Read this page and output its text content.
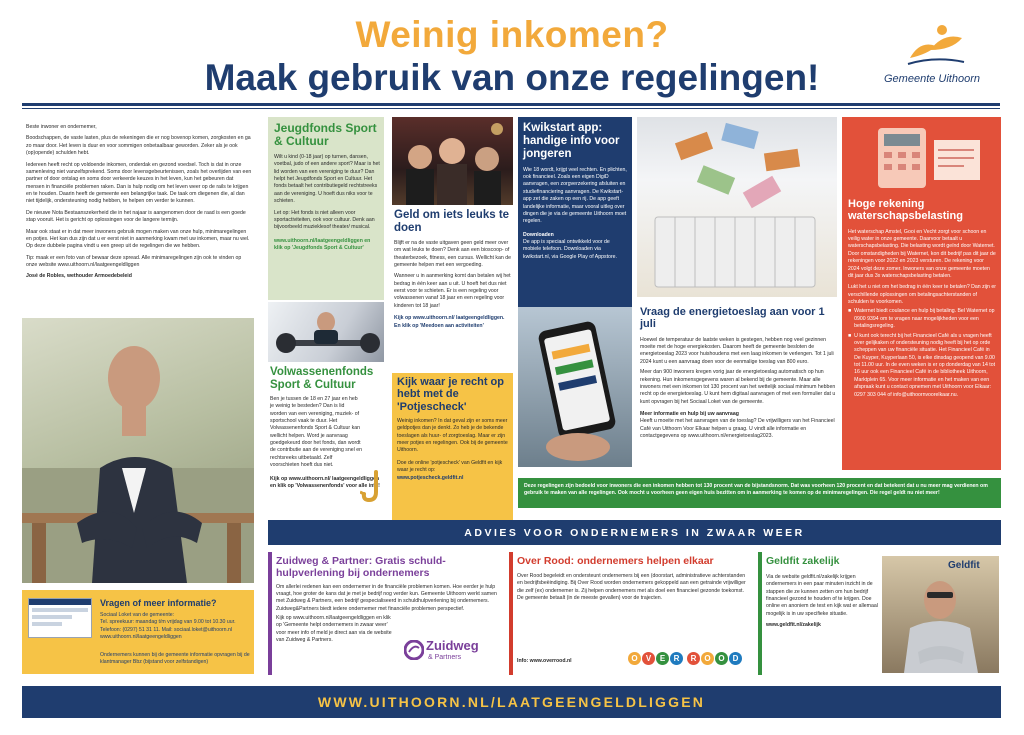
Weinig inkomen?
Maak gebruik van onze regelingen!	Gemeente Uithoorn

Beste inwoner en ondernemer,

Boodschappen, de vaste lasten, plus de rekeningen die er nog bovenop komen, zorgkosten en ga zo maar door. Het leven is duur en voor sommigen onbetaalbaar geworden. Zeker als je ook (op)opende) schulden hebt.

Iedereen heeft recht op voldoende inkomen, onderdak en gezond voedsel. Toch is dat in onze samenleving niet vanzelfsprekend. Soms door levensgebeurtenissen, zoals het overlijden van een partner of door ontslag en soms door verkeerde keuzes in het leven, kun het gebeuren dat mensen in financiële problemen raken. Dan is hulp nodig om het leven weer op de rails te krijgen en te houden. Daarin heeft de gemeente een belangrijke taak. De taak om diegenen die, al dan niet tijdelijk, ondersteuning nodig hebben, te helpen om verder te kunnen.

De nieuwe Nota Bestaanszekerheid die in het najaar is aangenomen door de raad is een goede stap vooruit. Het is gericht op oplossingen voor de langere termijn.

Maar ook staat er in dat meer inwoners gebruik mogen maken van onze hulp, minimaregelingen en potjes. Het kan dus zijn dat u er eerst niet in aanmerking kwam met uw inkomen, maar nu wel. Op deze dubbele pagina vindt u een greep uit de regelingen die we hebben.

Tip: maak er een foto van of bewaar deze spread. Alle minimaregelingen zijn ook te vinden op onze website www.uithoorn.nl/laatgeengeldliggen

José de Robles, wethouder Armoedebeleid

Vragen of meer informatie?
Sociaal Loket van de gemeente:
Tel. spreekuur: maandag t/m vrijdag van 9.00 tot 10.30 uur.
Telefoon: (0297) 51 31 11. Mail: sociaal.loket@uithoorn.nl
www.uithoorn.nl/laatgeengeldliggen
Ondernemers kunnen bij de gemeente informatie opvragen bij de klantmanager Bbz (bijstand voor zelfstandigen)
Jeugdfonds Sport & Cultuur
Wilt u kind (0-18 jaar) op turnen, dansen, voetbal, judo of een andere sport? Maar is het lid worden van een vereniging te duur? Dan helpt het Jeugdfonds Sport en Cultuur. Het fonds betaalt het contributiegeld rechtstreeks aan de vereniging. U hoeft dus niks voor te schieten.
Let op: Het fonds is niet alleen voor sportactiviteiten, ook voor cultuur. Denk aan bijvoorbeeld muzieklesof theater/ musical.
www.uithoorn.nl/laatgeengeldliggen en klik op 'Jeugdfonds Sport & Cultuur'
Volwassenenfonds Sport & Cultuur
Ben je tussen de 18 en 27 jaar en heb je weinig te besteden? Dan is lid worden van een vereniging, muziek- of sportschool vaak te duur. Het Volwassenenfonds Sport & Cultuur kan wellicht helpen. Word je aanvraag goedgekeurd door het fonds, dan wordt de contributie aan de vereniging snel en rechtsreeks uitbetaald. Zelf voorschieten hoeft dus niet.
Kijk op www.uithoorn.nl/ laatgeengeldliggen en klik op 'Volwassenenfonds' voor alle info!
Geld om iets leuks te doen
Blijft er na de vaste uitgaven geen geld meer over om wat leuks te doen? Denk aan een bioscoop- of theaterbezoek, fitness, een cursus. Wellicht kan de gemeente helpen met een vergoeding.
Wanneer u in aanmerking komt dan betalen wij het bedrag in één keer aan u uit. U hoeft het dus niet eerst voor te schieten. Er is een regeling voor volwassenen vanaf 18 jaar en een regeling voor kinderen tot 18 jaar!
Kijk op www.uithoorn.nl/ laatgeengeldliggen. En klik op 'Meedoen aan activiteiten'
Kijk waar je recht op hebt met de 'Potjescheck'
Weinig inkomen? In dat geval zijn er soms meer geldpotjes dan je denkt. Zo heb je de bekende toeslagen als huur- of zorgtoeslag. Maar er zijn meer potjes en regelingen. Ook bij de gemeente Uithoorn.
Doe de online 'potjescheck' van Geldfit en kijk waar je recht op:
www.potjescheck.geldfit.nl
Kwikstart app: handige info voor jongeren
Wie 18 wordt, krijgt veel rechten. En plichten, ook financieel. Zoals een eigen DigiD aanvragen, een zorgverzekering afsluiten en studiefinanciering aanvragen. De Kwikstart-app zet die zaken op een rij. De app geeft landelijke informatie, maar vooral uitleg over dingen die je via de gemeente Uithoorn moet regelen.
Downloaden
De app is speciaal ontwikkeld voor de mobiele telefoon. Downloaden via kwikstart.nl, via Google Play of Appstore.
Vraag de energietoeslag aan voor 1 juli
Hoewel de temperatuur de laatste weken is gestegen, hebben nog veel gezinnen moeite met de hoge energiekosten. Daarom heeft de gemeente besloten de energietoeslag 2023 voor huishoudens met een laag inkomen te verlengen. Tot 1 juli 2024 kunt u een aanvraag doen voor de eenmalige toeslag van 800 euro.
Meer dan 900 inwoners kregen vorig jaar de energietoeslag automatisch op hun rekening. Hun inkomensgegevens waren al bekend bij de gemeente. Maar alle inwoners met een inkomen tot 130 procent van het wettelijk sociaal minimum hebben recht op de energietoeslag. U kunt hem digitaal aanvragen of met een formulier dat u kunt opvragen bij het Sociaal Loket van de gemeente.
Meer informatie en hulp bij uw aanvraag
Heeft u moeite met het aanvragen van de toeslag? De vrijwilligers van het Financieel Café van Uithoorn Voor Elkaar helpen u graag. U vindt alle informatie en contactgegevens op www.uithoorn.nl/energietoeslag2023.
Hoge rekening waterschapsbelasting
Het waterschap Amstel, Gooi en Vecht zorgt voor schoon en veilig water in onze gemeente. Daarvoor betaalt u waterschapsbelasting. Die belasting wordt geïnd door Waternet. Door omstandigheden bij Waternet, kon dit bedrijf pas dit jaar de rekeningen voor 2022 en 2023 versturen. De rekening voor 2024 volgt deze zomer. Inwoners van onze gemeente moeten dit jaar dus 3x waterschapsbelasting betalen.
Lukt het u niet om het bedrag in één keer te betalen? Dan zijn er verschillende oplossingen om betalingsachterstanden of schulden te voorkomen.
■ Waternet biedt coulance en hulp bij betaling. Bel Waternet op 0900 9394 om te vragen naar mogelijkheden voor een betalingsregeling.
■ U kunt ook terecht bij het Financieel Café als u vragen heeft over gelijkaken of ondersteuning nodig heeft bij het op orde scheppen van uw financiële situatie. Het Financieel Café in De Kuyper, Kuyperlaan 50, is elke dinsdag geopend van 9.00 tot 11.00 uur. In de even weken is er op donderdag van 14 tot 16 uur ook een Financieel Café in de bibliotheek Uithoorn, Marktplein 65. Voor meer informatie en het maken van een afspraak kunt u contact opnemen met Uithoorn voor Elkaar: 0297 303 044 of info@uithoornvoorelkaar.nu.
Deze regelingen zijn bedoeld voor inwoners die een inkomen hebben tot 130 procent van de bijstandsnorm. Dat was voorheen 120 procent en dat betekent dat u nu meer mag verdienen om gebruik te maken van alle regelingen. Ook mocht u voorheen geen eigen huis bezitten om in aanmerking te komen op de minimaregelingen. Die regel geldt nu niet meer!
ADVIES VOOR ONDERNEMERS IN ZWAAR WEER
Zuidweg & Partner: Gratis schuld- hulpverlening bij ondernemers
Om allerlei redenen kan een ondernemer in de financiële problemen komen. Hoe eerder je hulp vraagt, hoe groter de kans dat je met je bedrijf nog verder kun. Gemeente Uithoorn werkt samen met Zuidweg & Partners, een bedrijf gespecialiseerd in schuldhulpverlening bij ondernemers. Zuidweg&Partners biedt iedere ondernemer met financiële problemen perspectief.
Kijk op www.uithoorn.nl/laatgeengeldliggen en klik op 'Gemeente helpt ondernemers in zwaar weer' voor meer info of meld je direct aan via de website van Zuidweg & Partners.	Zuidweg
& Partners
Over Rood: ondernemers helpen elkaar
Over Rood begeleidt en ondersteunt ondernemers bij een (doorstart, administratieve achterstanden en bedrijfsbeëindiging. Bij Over Rood worden ondernemers gekoppeld aan een getrainde vrijwilliger die zelf (ex) ondernemer is. Zij helpen ondernemers met als doel een financieel gezonde toekomst. De gemeente betaalt (in de meeste gevallen) voor de trajecten.
Info: www.overrood.nl	O	V	E	R	R O O	D
Geldfit zakelijk
Via de website geldfit.nl/zakelijk krijgen ondernemers in een paar minuten inzicht in de stappen die ze kunnen zetten om hun bedrijf financieel gezond te houden of te krijgen. Doe online en anoniem de test en kijk wat er allemaal mogelijk is in uw specifieke situatie.
www.geldfit.nl/zakelijk
Geldfit
WWW.UITHOORN.NL/LAATGEENGELDLIGGEN
